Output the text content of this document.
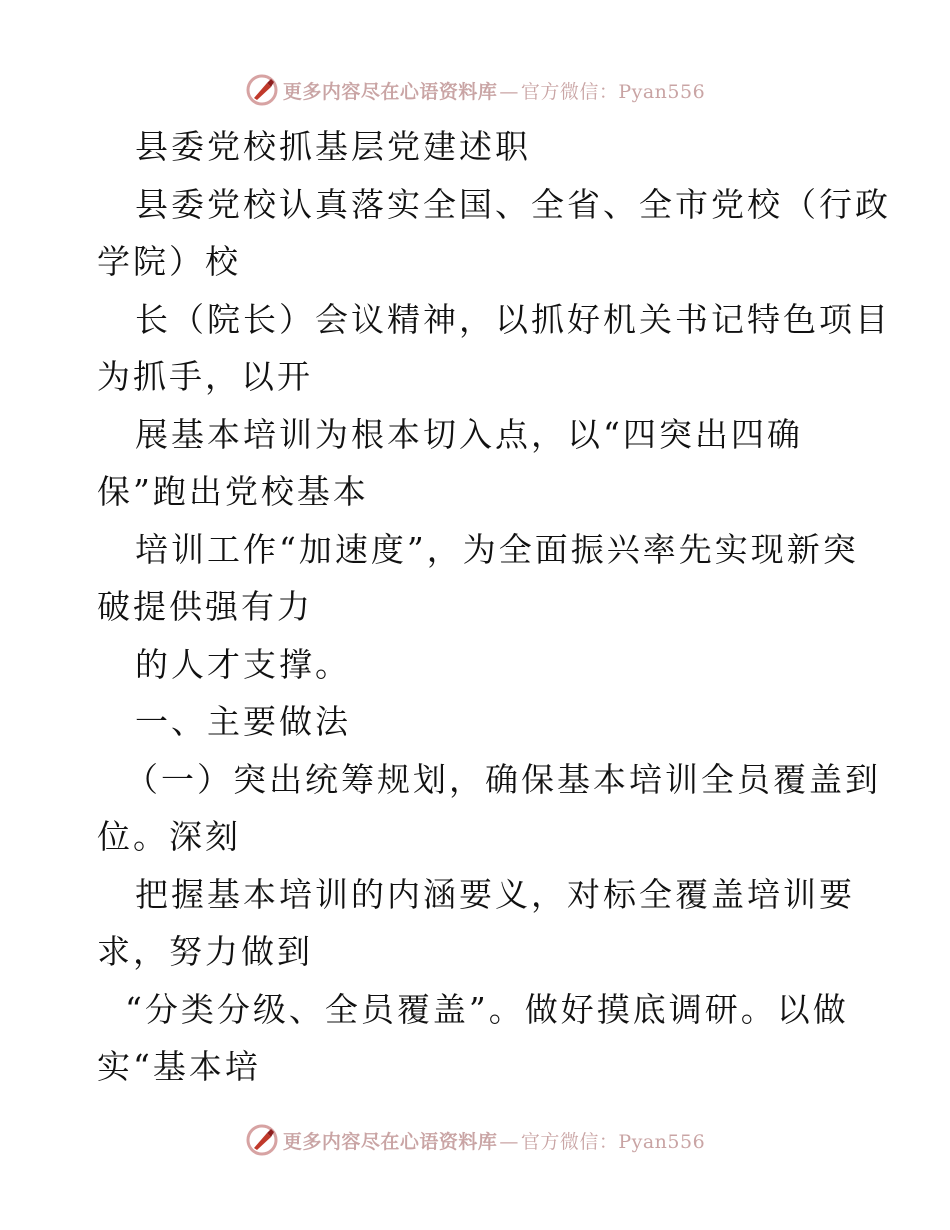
更多内容尽在心语资料库 — 官方微信：Pyan556
县委党校抓基层党建述职
县委党校认真落实全国、全省、全市党校（行政
学院）校
长（院长）会议精神，以抓好机关书记特色项目
为抓手，以开
展基本培训为根本切入点，以“四突出四确
保”跑出党校基本
培训工作“加速度”，为全面振兴率先实现新突
破提供强有力
的人才支撑。
一、主要做法
（一）突出统筹规划，确保基本培训全员覆盖到
位。深刻
把握基本培训的内涵要义，对标全覆盖培训要
求，努力做到
“分类分级、全员覆盖”。做好摸底调研。以做
实“基本培
更多内容尽在心语资料库 — 官方微信：Pyan556
